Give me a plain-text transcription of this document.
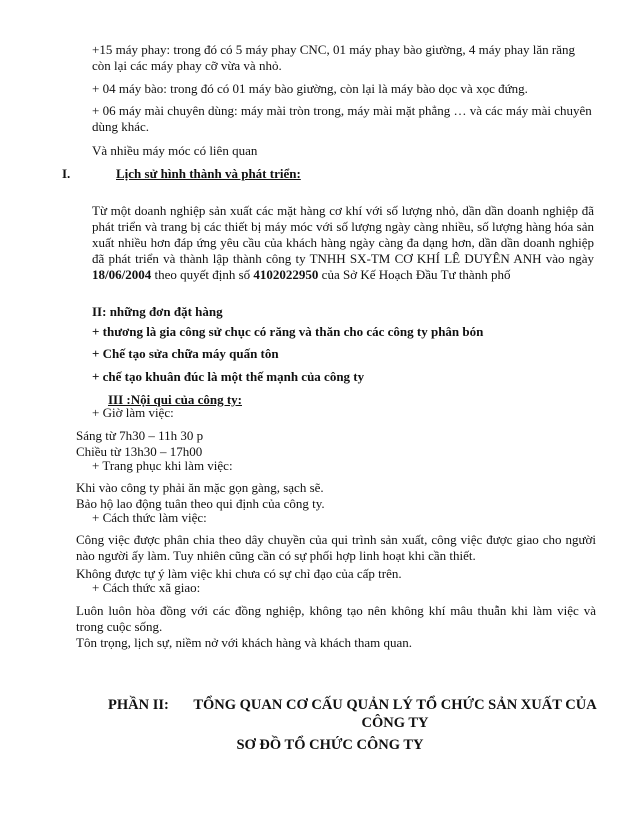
+15 máy phay: trong đó có 5 máy phay CNC, 01 máy phay bào giường, 4 máy phay lăn răng còn lại các máy phay cỡ vừa và nhỏ.

+ 04 máy bào: trong đó có 01 máy bào giường, còn lại là máy bào dọc và xọc đứng.

+ 06 máy mài chuyên dùng: máy mài tròn trong, máy mài mặt phẳng … và các máy mài chuyên dùng khác.

Và nhiều máy móc có liên quan

I.	Lịch sử hình thành và phát triển:

Từ một doanh nghiệp sản xuất các mặt hàng cơ khí với số lượng nhỏ, dần dần doanh nghiệp đã phát triển và trang bị các thiết bị máy móc với số lượng ngày càng nhiều, số lượng hàng hóa sản xuất nhiều hơn đáp ứng yêu cầu của khách hàng ngày càng đa dạng hơn, dần dần doanh nghiệp đã phát triển và thành lập thành công ty TNHH SX-TM CƠ KHÍ LÊ DUYÊN ANH vào ngày 18/06/2004 theo quyết định số 4102022950 của Sở Kế Hoạch Đầu Tư thành phố

II: những đơn đặt hàng

+ thương là gia công sử chục có răng và thăn cho các công ty phân bón

+ Chế tạo sửa chữa máy quấn tôn

+ chế tạo khuân đúc là một thế mạnh của công ty

III :Nội qui của công ty:

+ Giờ làm việc:

Sáng từ 7h30 – 11h 30 p

Chiều từ 13h30 – 17h00

+ Trang phục khi làm việc:

Khi vào công ty phải ăn mặc gọn gàng, sạch sẽ.

Bảo hộ lao động tuân theo qui định của công ty.

+ Cách thức làm việc:

Công việc được phân chia theo dây chuyền của qui trình sản xuất, công việc được giao cho người nào người ấy làm. Tuy nhiên cũng cần có sự phối hợp linh hoạt khi cần thiết.

Không được tự ý làm việc khi chưa có sự chỉ đạo của cấp trên.

+ Cách thức xã giao:

Luôn luôn hòa đồng với các đồng nghiệp, không tạo nên không khí mâu thuẫn khi làm việc và trong cuộc sống.

Tôn trọng, lịch sự, niềm nở với khách hàng và khách tham quan.

PHẦN II: TỔNG QUAN CƠ CẤU QUẢN LÝ TỔ CHỨC SẢN XUẤT CỦA CÔNG TY
SƠ ĐỒ TỔ CHỨC CÔNG TY
